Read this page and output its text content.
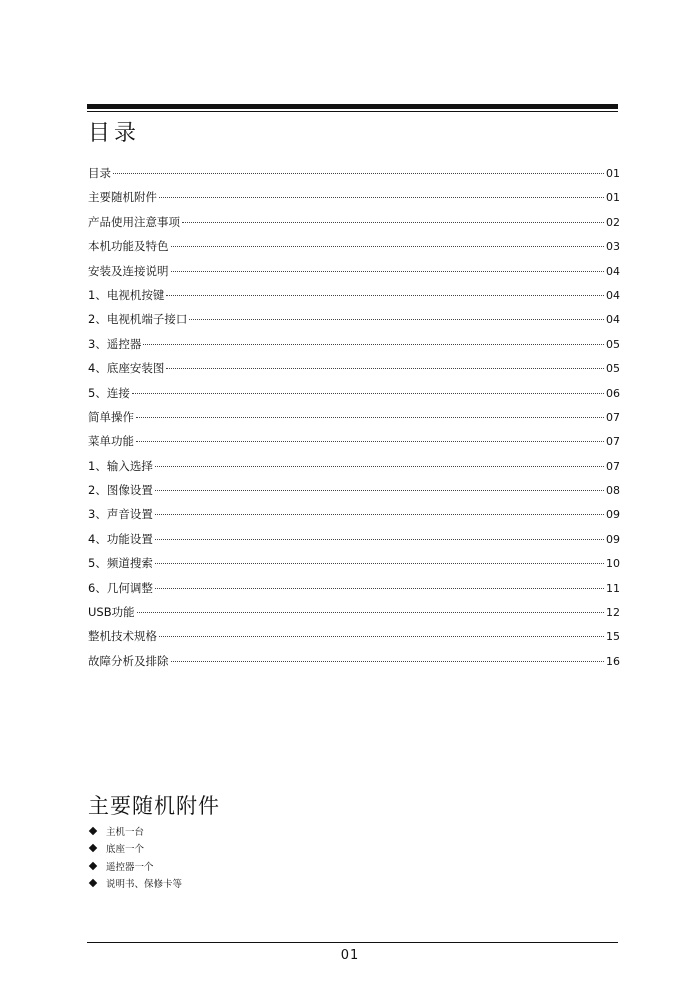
目录
目录	01
主要随机附件	01
产品使用注意事项	02
本机功能及特色	03
安装及连接说明	04
1、电视机按键	04
2、电视机端子接口	04
3、遥控器	05
4、底座安装图	05
5、连接	06
简单操作	07
菜单功能	07
1、输入选择	07
2、图像设置	08
3、声音设置	09
4、功能设置	09
5、频道搜索	10
6、几何调整	11
USB功能	12
整机技术规格	15
故障分析及排除	16
主要随机附件
主机一台
底座一个
遥控器一个
说明书、保修卡等
01
